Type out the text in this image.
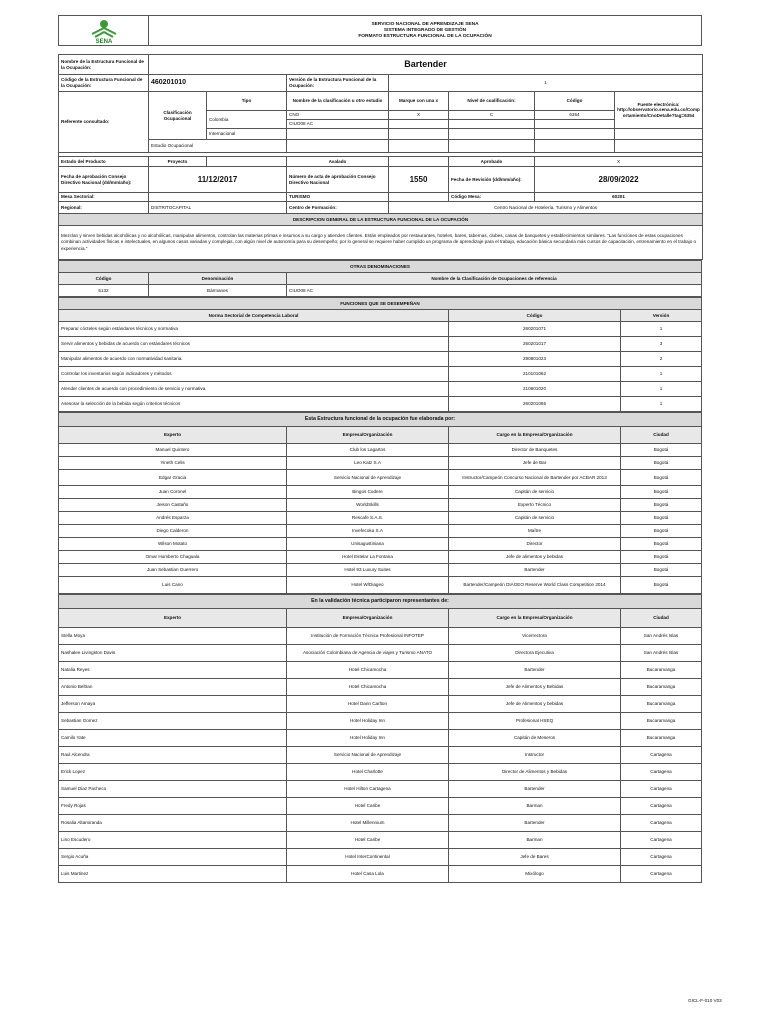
SENA

SERVICIO NACIONAL DE APRENDIZAJE SENA
SISTEMA INTEGRADO DE GESTIÓN
FORMATO ESTRUCTURA FUNCIONAL DE LA OCUPACIÓN
Nombre de la Estructura Funcional de la Ocupación:	Bartender						
Código de la Estructura Funcional de la Ocupación:	460201010		Versión de la Estructura Funcional de la Ocupación:	1			
Referente consultado:	Clasificación Ocupacional	Tipo	Nombre de la clasificación u otro estudio	Marque con una x	Nivel de cualificación:	Código	Fuente electrónica:
http://observatorio.sena.edu.co/Comportamiento/CnoDetalle?tag=6354

		Colombia	CNO	X	C	6354	
			CIUO08 AC				
		Internacional					
	Estudio Ocupacional						

Estado del Producto	Proyecto		Avalado		Aprobado	X	
Fecha de aprobación Consejo Directivo Nacional (dd/mm/año):	11/12/2017		Número de acta de aprobación Consejo Directivo Nacional	1550	Fecha de Revisión (dd/mm/año):	28/09/2022	
Mesa Sectorial:			TURISMO		Código Mesa:	60201	
Regional:	DISTRITOCAPITAL		Centro de Formación:	Centro Nacional de Hotelería, Turismo y Alimentos			
DESCRIPCION GENERAL DE LA ESTRUCTURA FUNCIONAL DE LA OCUPACIÓN							
Mezclan y sirven bebidas alcohólicas y no alcohólicas, manipulan alimentos, controlan las materias primas e insumos a su cargo y atienden clientes. Están empleados por restaurantes, hoteles, bares, tabernas, clubes, casas de banquetes y establecimientos similares. "Las funciones de estas ocupaciones combinan actividades físicas e intelectuales, en algunos casos variadas y complejas, con algún nivel de autonomía para su desempeño; por lo general se requiere haber cumplido un programa de aprendizaje para el trabajo, educación básica secundaria más cursos de capacitación, entrenamiento en el trabajo o experiencia."							
OTRAS DENOMINACIONES		
Código	Denominación	Nombre de la Clasificación de Ocupaciones de referencia
5132	Bármanes	CIUO08 AC
FUNCIONES QUE SE DESEMPEÑAN		
Norma Sectorial de Competencia Laboral	Código	Versión
Preparar cócteles según estándares técnicos y normativa	260201071	1
Servir alimentos y bebidas de acuerdo con estándares técnicos	260201017	3
Manipular alimentos de acuerdo con normatividad sanitaria.	290801023	2
Controlar los inventarios según indicadores y métodos	210101062	1
Atender clientes de acuerdo con procedimiento de servicio y normativa.	210601020	1
Asesorar la selección de la bebida según criterios técnicos	260201065	1
Esta Estructura funcional de la ocupación fue elaborada por:			
Experto	Empresa/Organización	Cargo en la Empresa/Organización	Ciudad
Manuel Quintero	Club los Lagartos	Director de Banquetes	Bogotá
Yineth Celis	Leo Katz S.A	Jefe de Bar	Bogotá
Edgar Gracia	Servicio Nacional de Aprendizaje	Instructor/Campeón Concurso Nacional de Bartender por ACBAR 2013	Bogotá
Juan Coronel	Bingos Codere	Capitán de servicio	Bogotá
Jeison Castaño	WorldSkills	Experto Técnico	Bogotá
Andrés Esparza	Rescafe S.A.S.	Capitán de servicio	Bogotá
Diego Calderon	Invefecoka S.A	Maître	Bogotá
Wilson Motato	Unisagustiniana	Director	Bogotá
Omar Humberto Chaguala	Hotel Estelar La Fontana	Jefe de alimentos y bebidas	Bogotá
Juan Sebastian Guerrero	Hotel 93 Luxury Suites	Bartender	Bogotá
Luis Cano	Hotel W/Diageo	Bartender/Campeón DIAGEO Reserve World Class Competition 2014	Bogotá
En la validación técnica participaron representantes de:			
Experto	Empresa/Organización	Cargo en la Empresa/Organización	Ciudad
Stella Moya	Institución de Formación Técnica Profesional INFOTEP	Vicerrectora	San Andrés Islas
Nashalee Livingston Davis	Asociación Colombiana de Agencia de viajes y Turismo ANATO	Directora Ejecutiva	San Andrés Islas
Natalia Reyes	Hotel Chicamocha	Bartender	Bucaramanga
Antonio Beltran	Hotel Chicamocha	Jefe de Alimentos y Bebidas	Bucaramanga
Jefferson Amaya	Hotel Dann Carlton	Jefe de Alimentos y bebidas	Bucaramanga
Sebastian Gomez	Hotel Holiday Inn	Profesional HSEQ	Bucaramanga
Camilo Yate	Hotel Holiday Inn	Capitán de Meseros	Bucaramanga
Raul Alcendra	Servicio Nacional de Aprendizaje	Instructor	Cartagena
Erick Lopez	Hotel Charlotte	Director de Alimentos y Bebidas	Cartagena
Samuel Diaz Pacheco	Hotel Hilton Cartagena	Bartender	Cartagena
Fredy Rojas	Hotel Caribe	Barman	Cartagena
Rosalia Altamiranda	Hotel Millennium	Bartender	Cartagena
Lino Escudero	Hotel Caribe	Barman	Cartagena
Sergio Acuña	Hotel InterContinental	Jefe de Bares	Cartagena
Luis Martinez	Hotel Casa Lola	Mixólogo	Cartagena
GICL-F-010 V03
